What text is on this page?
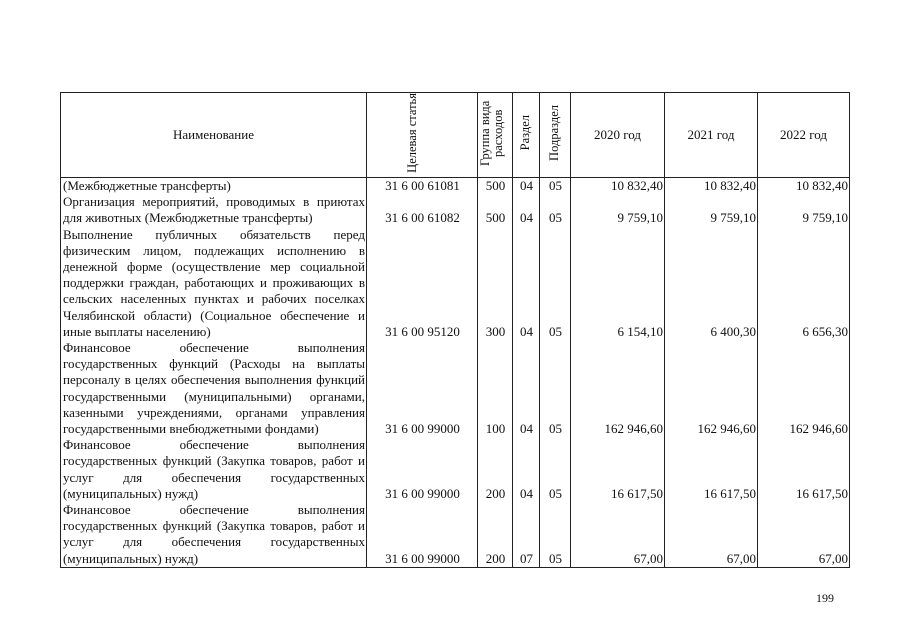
Наименование	Целевая статья	Группа вида расходов	Раздел	Подраздел	2020 год	2021 год	2022 год
(Межбюджетные трансферты)	31 6 00 61081	500	04	05	10 832,40	10 832,40	10 832,40
Организация мероприятий, проводимых в приютах для животных (Межбюджетные трансферты)	31 6 00 61082	500	04	05	9 759,10	9 759,10	9 759,10
Выполнение публичных обязательств перед физическим лицом, подлежащих исполнению в денежной форме (осуществление мер социальной поддержки граждан, работающих и проживающих в сельских населенных пунктах и рабочих поселках Челябинской области) (Социальное обеспечение и иные выплаты населению)	31 6 00 95120	300	04	05	6 154,10	6 400,30	6 656,30
Финансовое обеспечение выполнения государственных функций (Расходы на выплаты персоналу в целях обеспечения выполнения функций государственными (муниципальными) органами, казенными учреждениями, органами управления государственными внебюджетными фондами)	31 6 00 99000	100	04	05	162 946,60	162 946,60	162 946,60
Финансовое обеспечение выполнения государственных функций (Закупка товаров, работ и услуг для обеспечения государственных (муниципальных) нужд)	31 6 00 99000	200	04	05	16 617,50	16 617,50	16 617,50
Финансовое обеспечение выполнения государственных функций (Закупка товаров, работ и услуг для обеспечения государственных (муниципальных) нужд)	31 6 00 99000	200	07	05	67,00	67,00	67,00
199
